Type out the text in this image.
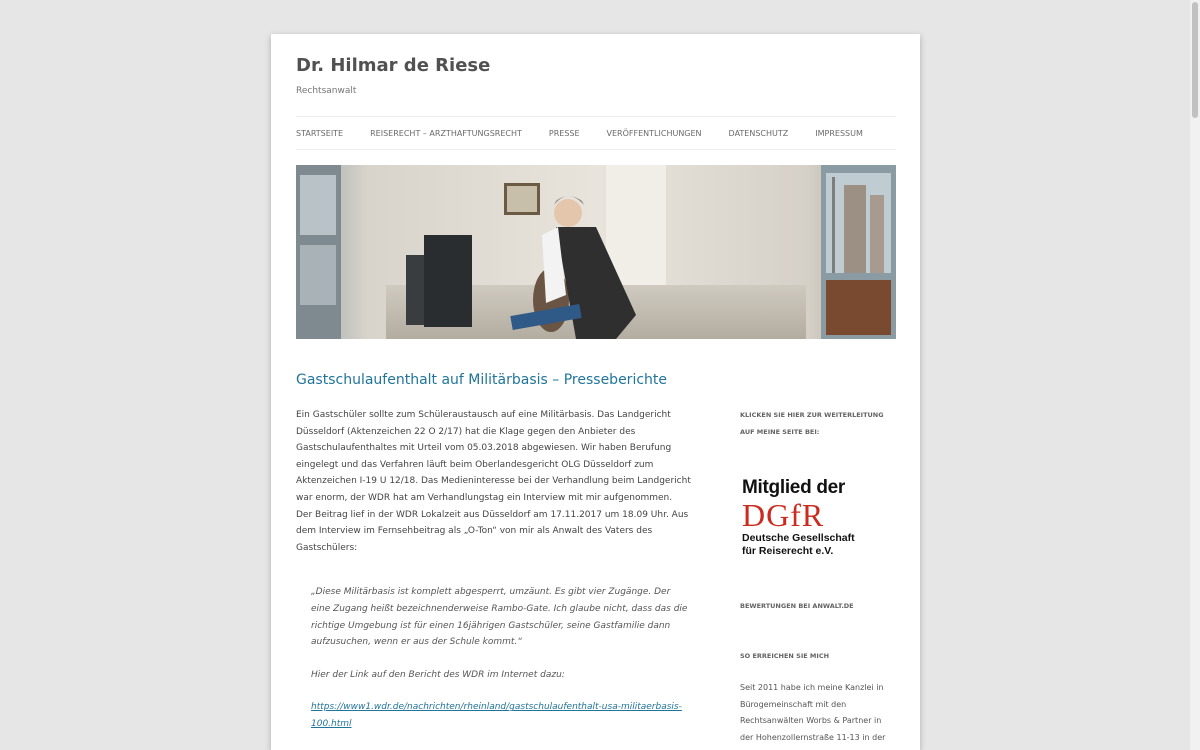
Dr. Hilmar de Riese
Rechtsanwalt
STARTSEITE	REISERECHT – ARZTHAFTUNGSRECHT	PRESSE	VERÖFFENTLICHUNGEN	DATENSCHUTZ	IMPRESSUM
Gastschulaufenthalt auf Militärbasis – Presseberichte

Ein Gastschüler sollte zum Schüleraustausch auf eine Militärbasis. Das Landgericht Düsseldorf (Aktenzeichen 22 O 2/17) hat die Klage gegen den Anbieter des Gastschulaufenthaltes mit Urteil vom 05.03.2018 abgewiesen. Wir haben Berufung eingelegt und das Verfahren läuft beim Oberlandesgericht OLG Düsseldorf zum Aktenzeichen I-19 U 12/18. Das Medieninteresse bei der Verhandlung beim Landgericht war enorm, der WDR hat am Verhandlungstag ein Interview mit mir aufgenommen. Der Beitrag lief in der WDR Lokalzeit aus Düsseldorf am 17.11.2017 um 18.09 Uhr. Aus dem Interview im Fernsehbeitrag als „O-Ton“ von mir als Anwalt des Vaters des Gastschülers:

„Diese Militärbasis ist komplett abgesperrt, umzäunt. Es gibt vier Zugänge. Der eine Zugang heißt bezeichnenderweise Rambo-Gate. Ich glaube nicht, dass das die richtige Umgebung ist für einen 16jährigen Gastschüler, seine Gastfamilie dann aufzusuchen, wenn er aus der Schule kommt.“

Hier der Link auf den Bericht des WDR im Internet dazu:

https://www1.wdr.de/nachrichten/rheinland/gastschulaufenthalt-usa-militaerbasis-100.html

KLICKEN SIE HIER ZUR WEITERLEITUNG AUF MEINE SEITE BEI:
Mitglied der
DGfR
Deutsche Gesellschaft
für Reiserecht e.V.
BEWERTUNGEN BEI ANWALT.DE
SO ERREICHEN SIE MICH
Seit 2011 habe ich meine Kanzlei in Bürogemeinschaft mit den Rechtsanwälten Worbs & Partner in der Hohenzollernstraße 11-13 in der
